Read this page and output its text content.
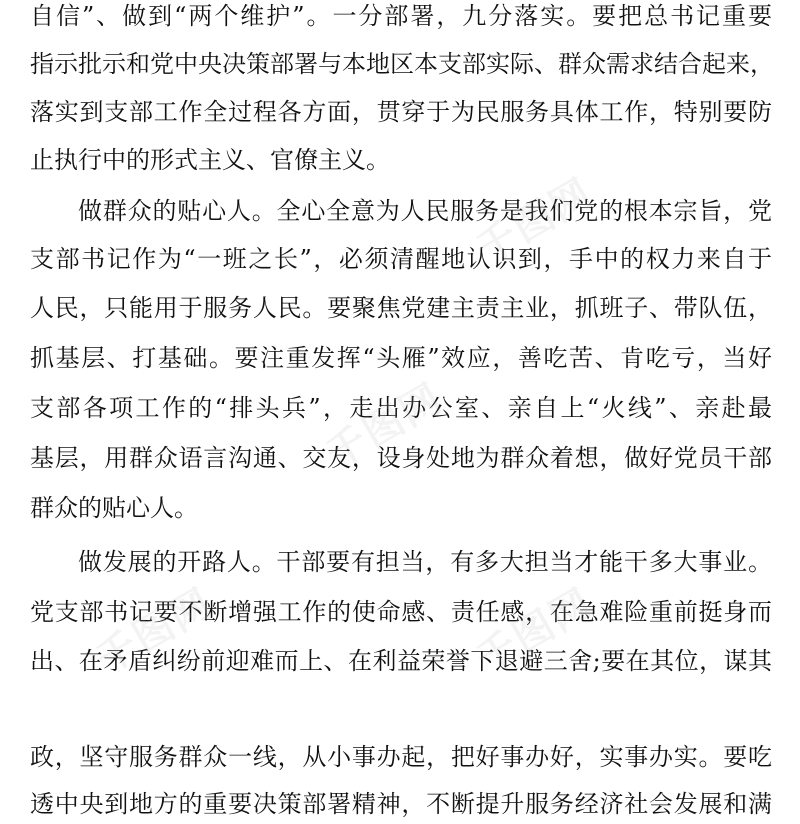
自信”、做到“两个维护”。一分部署，九分落实。要把总书记重要
指示批示和党中央决策部署与本地区本支部实际、群众需求结合起来，
落实到支部工作全过程各方面，贯穿于为民服务具体工作，特别要防
止执行中的形式主义、官僚主义。
做群众的贴心人。全心全意为人民服务是我们党的根本宗旨，党
支部书记作为“一班之长”，必须清醒地认识到，手中的权力来自于
人民，只能用于服务人民。要聚焦党建主责主业，抓班子、带队伍，
抓基层、打基础。要注重发挥“头雁”效应，善吃苦、肯吃亏，当好
支部各项工作的“排头兵”，走出办公室、亲自上“火线”、亲赴最
基层，用群众语言沟通、交友，设身处地为群众着想，做好党员干部
群众的贴心人。
做发展的开路人。干部要有担当，有多大担当才能干多大事业。
党支部书记要不断增强工作的使命感、责任感，在急难险重前挺身而
出、在矛盾纠纷前迎难而上、在利益荣誉下退避三舍;要在其位，谋其
政，坚守服务群众一线，从小事办起，把好事办好，实事办实。要吃
透中央到地方的重要决策部署精神，不断提升服务经济社会发展和满
千图网
千图网
千图网	千图网
